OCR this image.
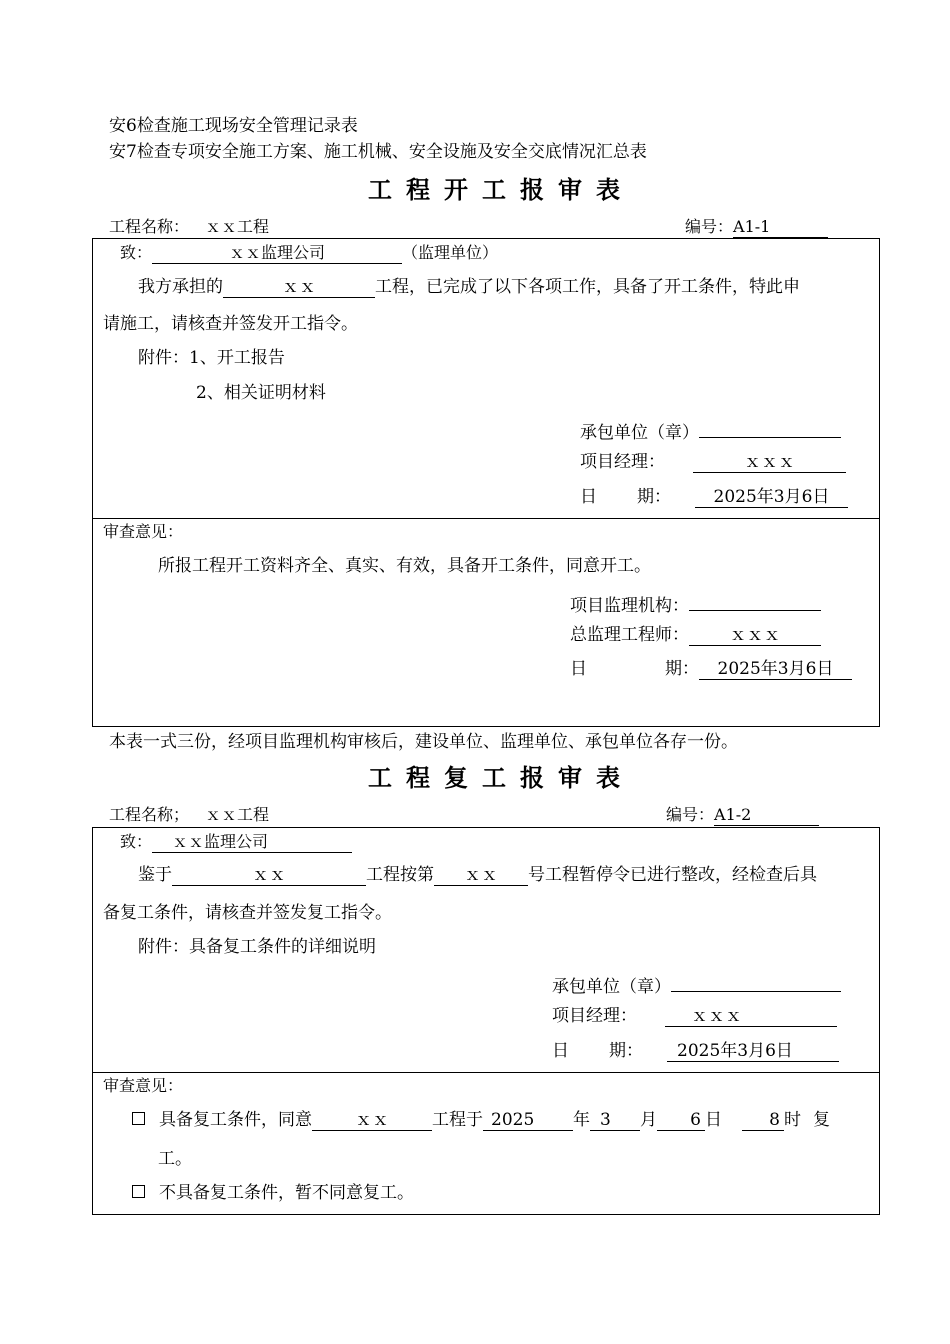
安6检查施工现场安全管理记录表
安7检查专项安全施工方案、施工机械、安全设施及安全交底情况汇总表
工程开工报审表
工程名称： ｘｘ工程	编号：A1-1
致：	ｘｘ监理公司	（监理单位）
我方承担的	ｘｘ	工程，已完成了以下各项工作，具备了开工条件，特此申
请施工，请核查并签发开工指令。
附件：1、开工报告
2、相关证明材料
承包单位（章）
项目经理：	ｘｘｘ
日 期：	2025年3月6日
审查意见：
所报工程开工资料齐全、真实、有效，具备开工条件，同意开工。
项目监理机构：
总监理工程师： ｘｘｘ
日	期： 2025年3月6日
本表一式三份，经项目监理机构审核后，建设单位、监理单位、承包单位各存一份。
工程复工报审表
工程名称； ｘｘ工程	编号：A1-2
致： ｘｘ监理公司
鉴于	ｘｘ	工程按第 ｘｘ 号工程暂停令已进行整改，经检查后具
备复工条件，请核查并签发复工指令。
附件：具备复工条件的详细说明
承包单位（章）
项目经理：	ｘｘｘ
日 期： 2025年3月6日
审查意见：
具备复工条件，同意	ｘｘ	工程于 2025 年 3 月 6 日	8 时 复
工。
不具备复工条件，暂不同意复工。
